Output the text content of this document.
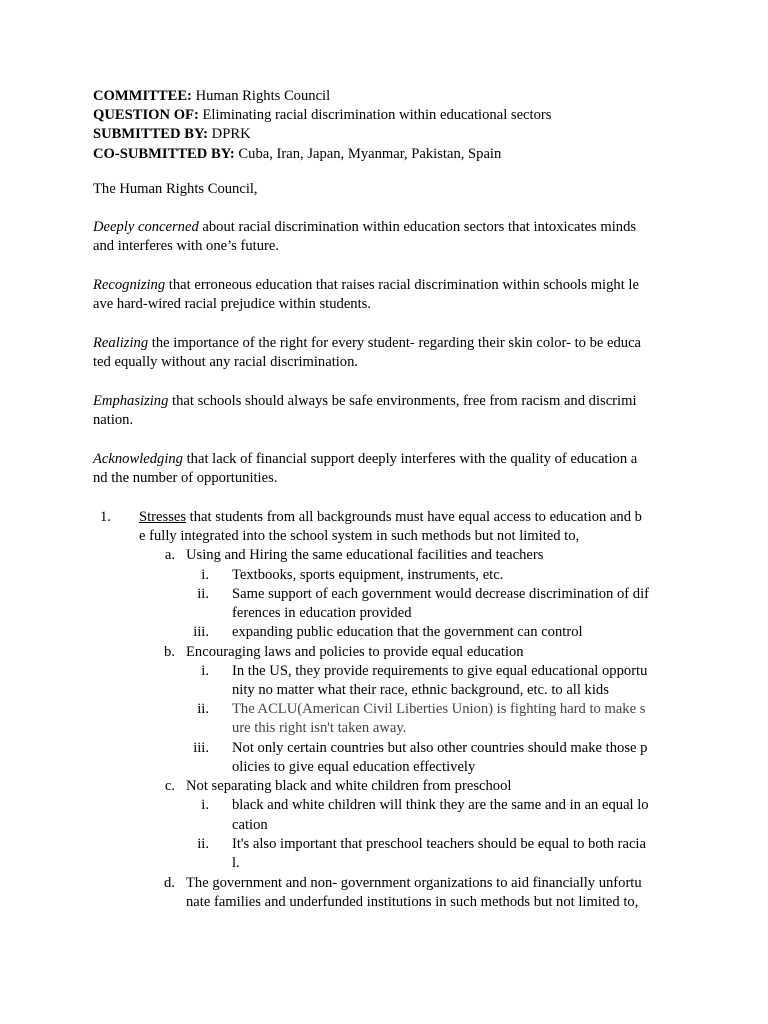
COMMITTEE: Human Rights Council
QUESTION OF: Eliminating racial discrimination within educational sectors
SUBMITTED BY: DPRK
CO-SUBMITTED BY: Cuba, Iran, Japan, Myanmar, Pakistan, Spain
The Human Rights Council,
Deeply concerned about racial discrimination within education sectors that intoxicates minds
and interferes with one’s future.
Recognizing that erroneous education that raises racial discrimination within schools might le
ave hard-wired racial prejudice within students.
Realizing the importance of the right for every student- regarding their skin color- to be educa
ted equally without any racial discrimination.
Emphasizing that schools should always be safe environments, free from racism and discrimi
nation.
Acknowledging that lack of financial support deeply interferes with the quality of education a
nd the number of opportunities.
1.	Stresses that students from all backgrounds must have equal access to education and b
e fully integrated into the school system in such methods but not limited to,
a. Using and Hiring the same educational facilities and teachers
i. Textbooks, sports equipment, instruments, etc.
ii. Same support of each government would decrease discrimination of dif
ferences in education provided
iii. expanding public education that the government can control
b. Encouraging laws and policies to provide equal education
i. In the US, they provide requirements to give equal educational opportu
nity no matter what their race, ethnic background, etc. to all kids
ii. The ACLU(American Civil Liberties Union) is fighting hard to make s
ure this right isn't taken away.
iii. Not only certain countries but also other countries should make those p
olicies to give equal education effectively
c. Not separating black and white children from preschool
i. black and white children will think they are the same and in an equal lo
cation
ii. It's also important that preschool teachers should be equal to both racia
l.
d. The government and non- government organizations to aid financially unfortu
nate families and underfunded institutions in such methods but not limited to,
